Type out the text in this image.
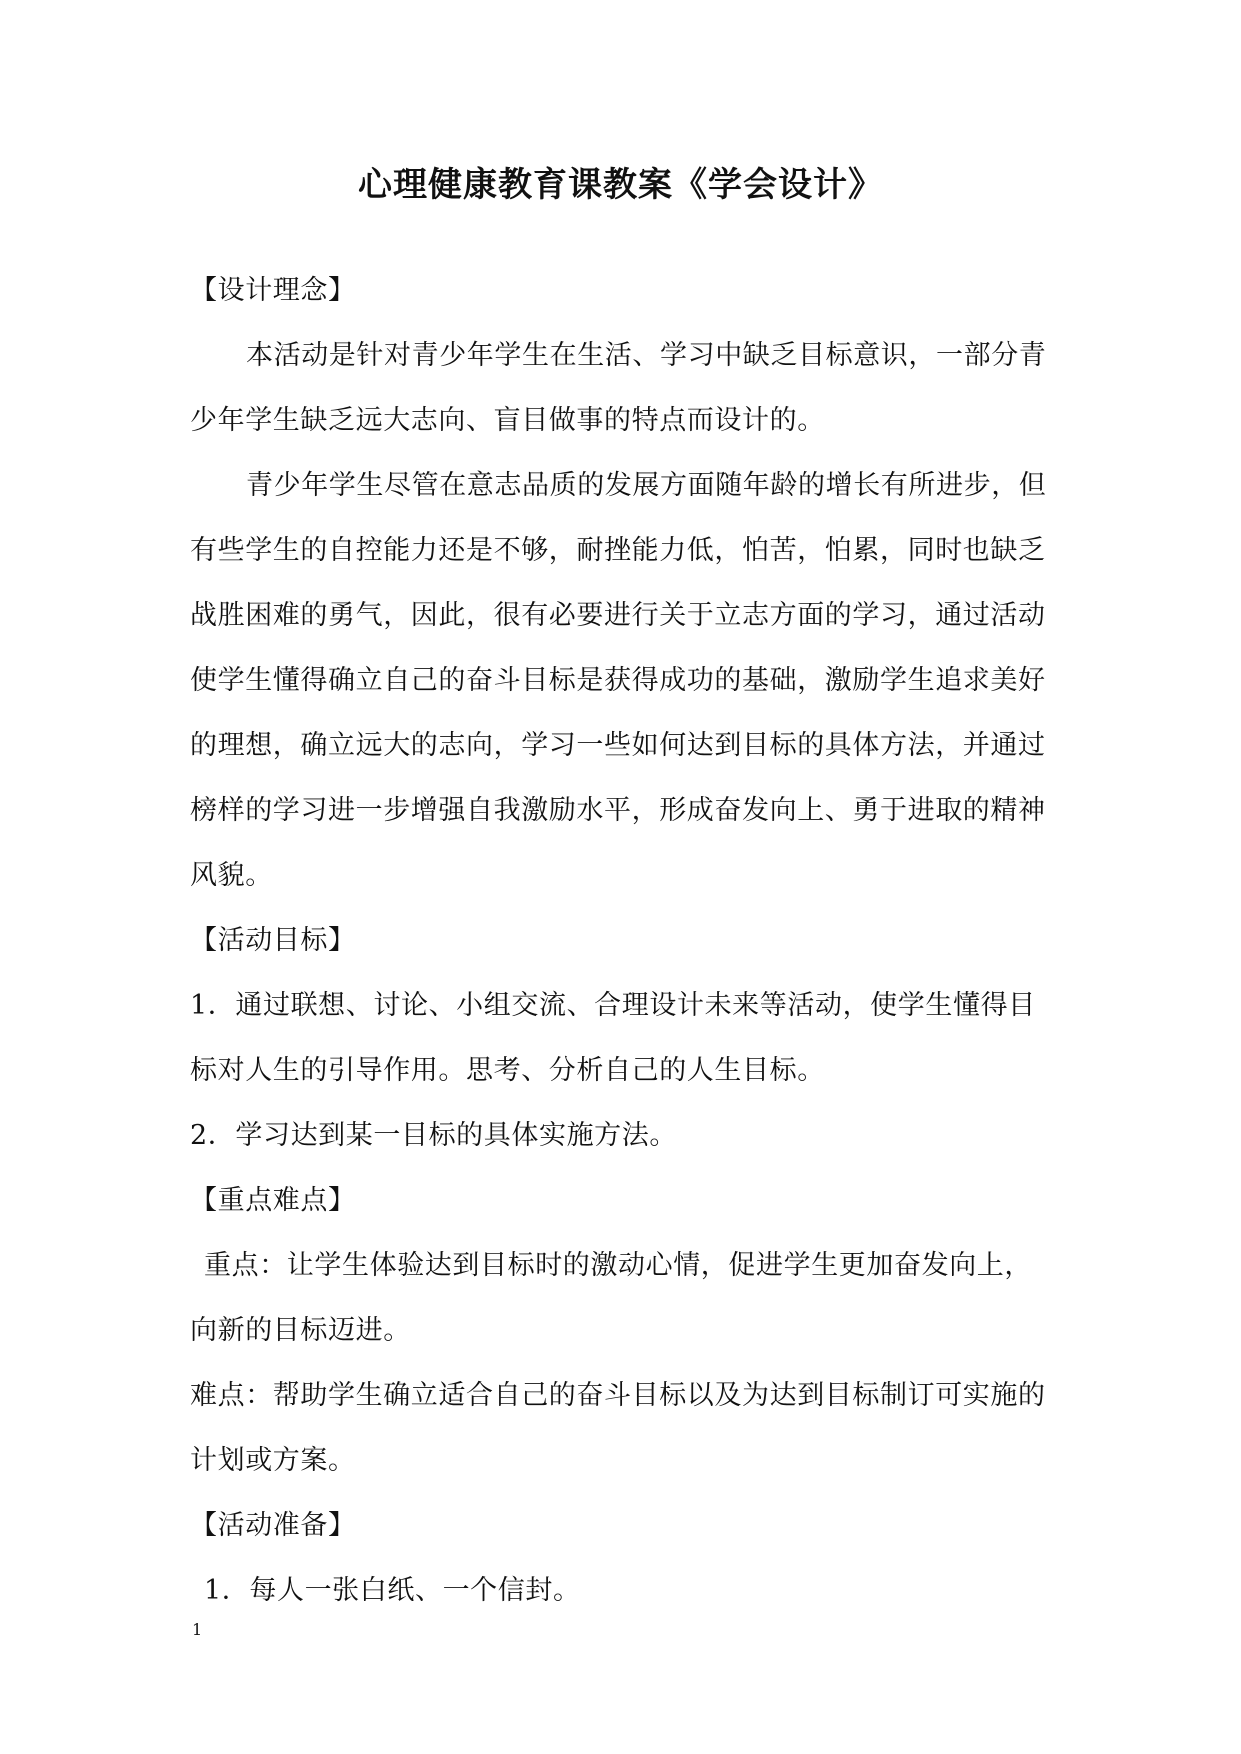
心理健康教育课教案《学会设计》

【设计理念】

本活动是针对青少年学生在生活、学习中缺乏目标意识，一部分青少年学生缺乏远大志向、盲目做事的特点而设计的。

青少年学生尽管在意志品质的发展方面随年龄的增长有所进步，但有些学生的自控能力还是不够，耐挫能力低，怕苦，怕累，同时也缺乏战胜困难的勇气，因此，很有必要进行关于立志方面的学习，通过活动使学生懂得确立自己的奋斗目标是获得成功的基础，激励学生追求美好的理想，确立远大的志向，学习一些如何达到目标的具体方法，并通过榜样的学习进一步增强自我激励水平，形成奋发向上、勇于进取的精神风貌。

【活动目标】

1．通过联想、讨论、小组交流、合理设计未来等活动，使学生懂得目标对人生的引导作用。思考、分析自己的人生目标。

2．学习达到某一目标的具体实施方法。

【重点难点】

重点：让学生体验达到目标时的激动心情，促进学生更加奋发向上，向新的目标迈进。

难点：帮助学生确立适合自己的奋斗目标以及为达到目标制订可实施的计划或方案。

【活动准备】

1．每人一张白纸、一个信封。

1
